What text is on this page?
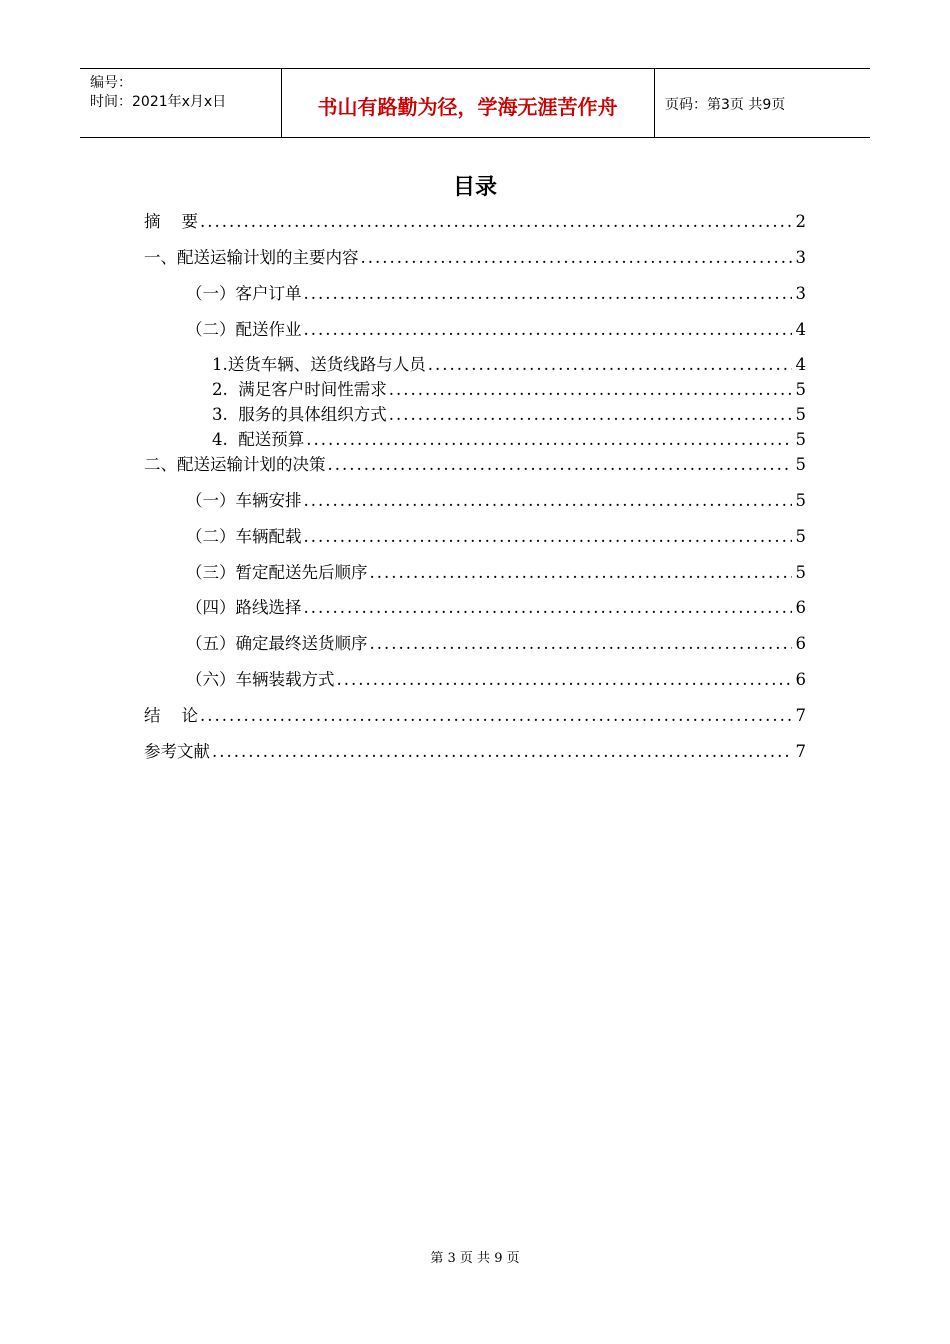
编号：
时间：2021年x月x日	书山有路勤为径，学海无涯苦作舟	页码：第3页 共9页
目录
摘    要 .....	2
一、配送运输计划的主要内容 .....	3
（一）客户订单 .....	3
（二）配送作业 .....	4
1.送货车辆、送货线路与人员 .....	4
2.  满足客户时间性需求 .....	5
3.  服务的具体组织方式 .....	5
4.  配送预算 .....	5
二、配送运输计划的决策 .....	5
（一）车辆安排 .....	5
（二）车辆配载 .....	5
（三）暂定配送先后顺序 .....	5
（四）路线选择 .....	6
（五）确定最终送货顺序 .....	6
（六）车辆装载方式 .....	6
结    论 .....	7
参考文献 .....	7
第 3 页 共 9 页
